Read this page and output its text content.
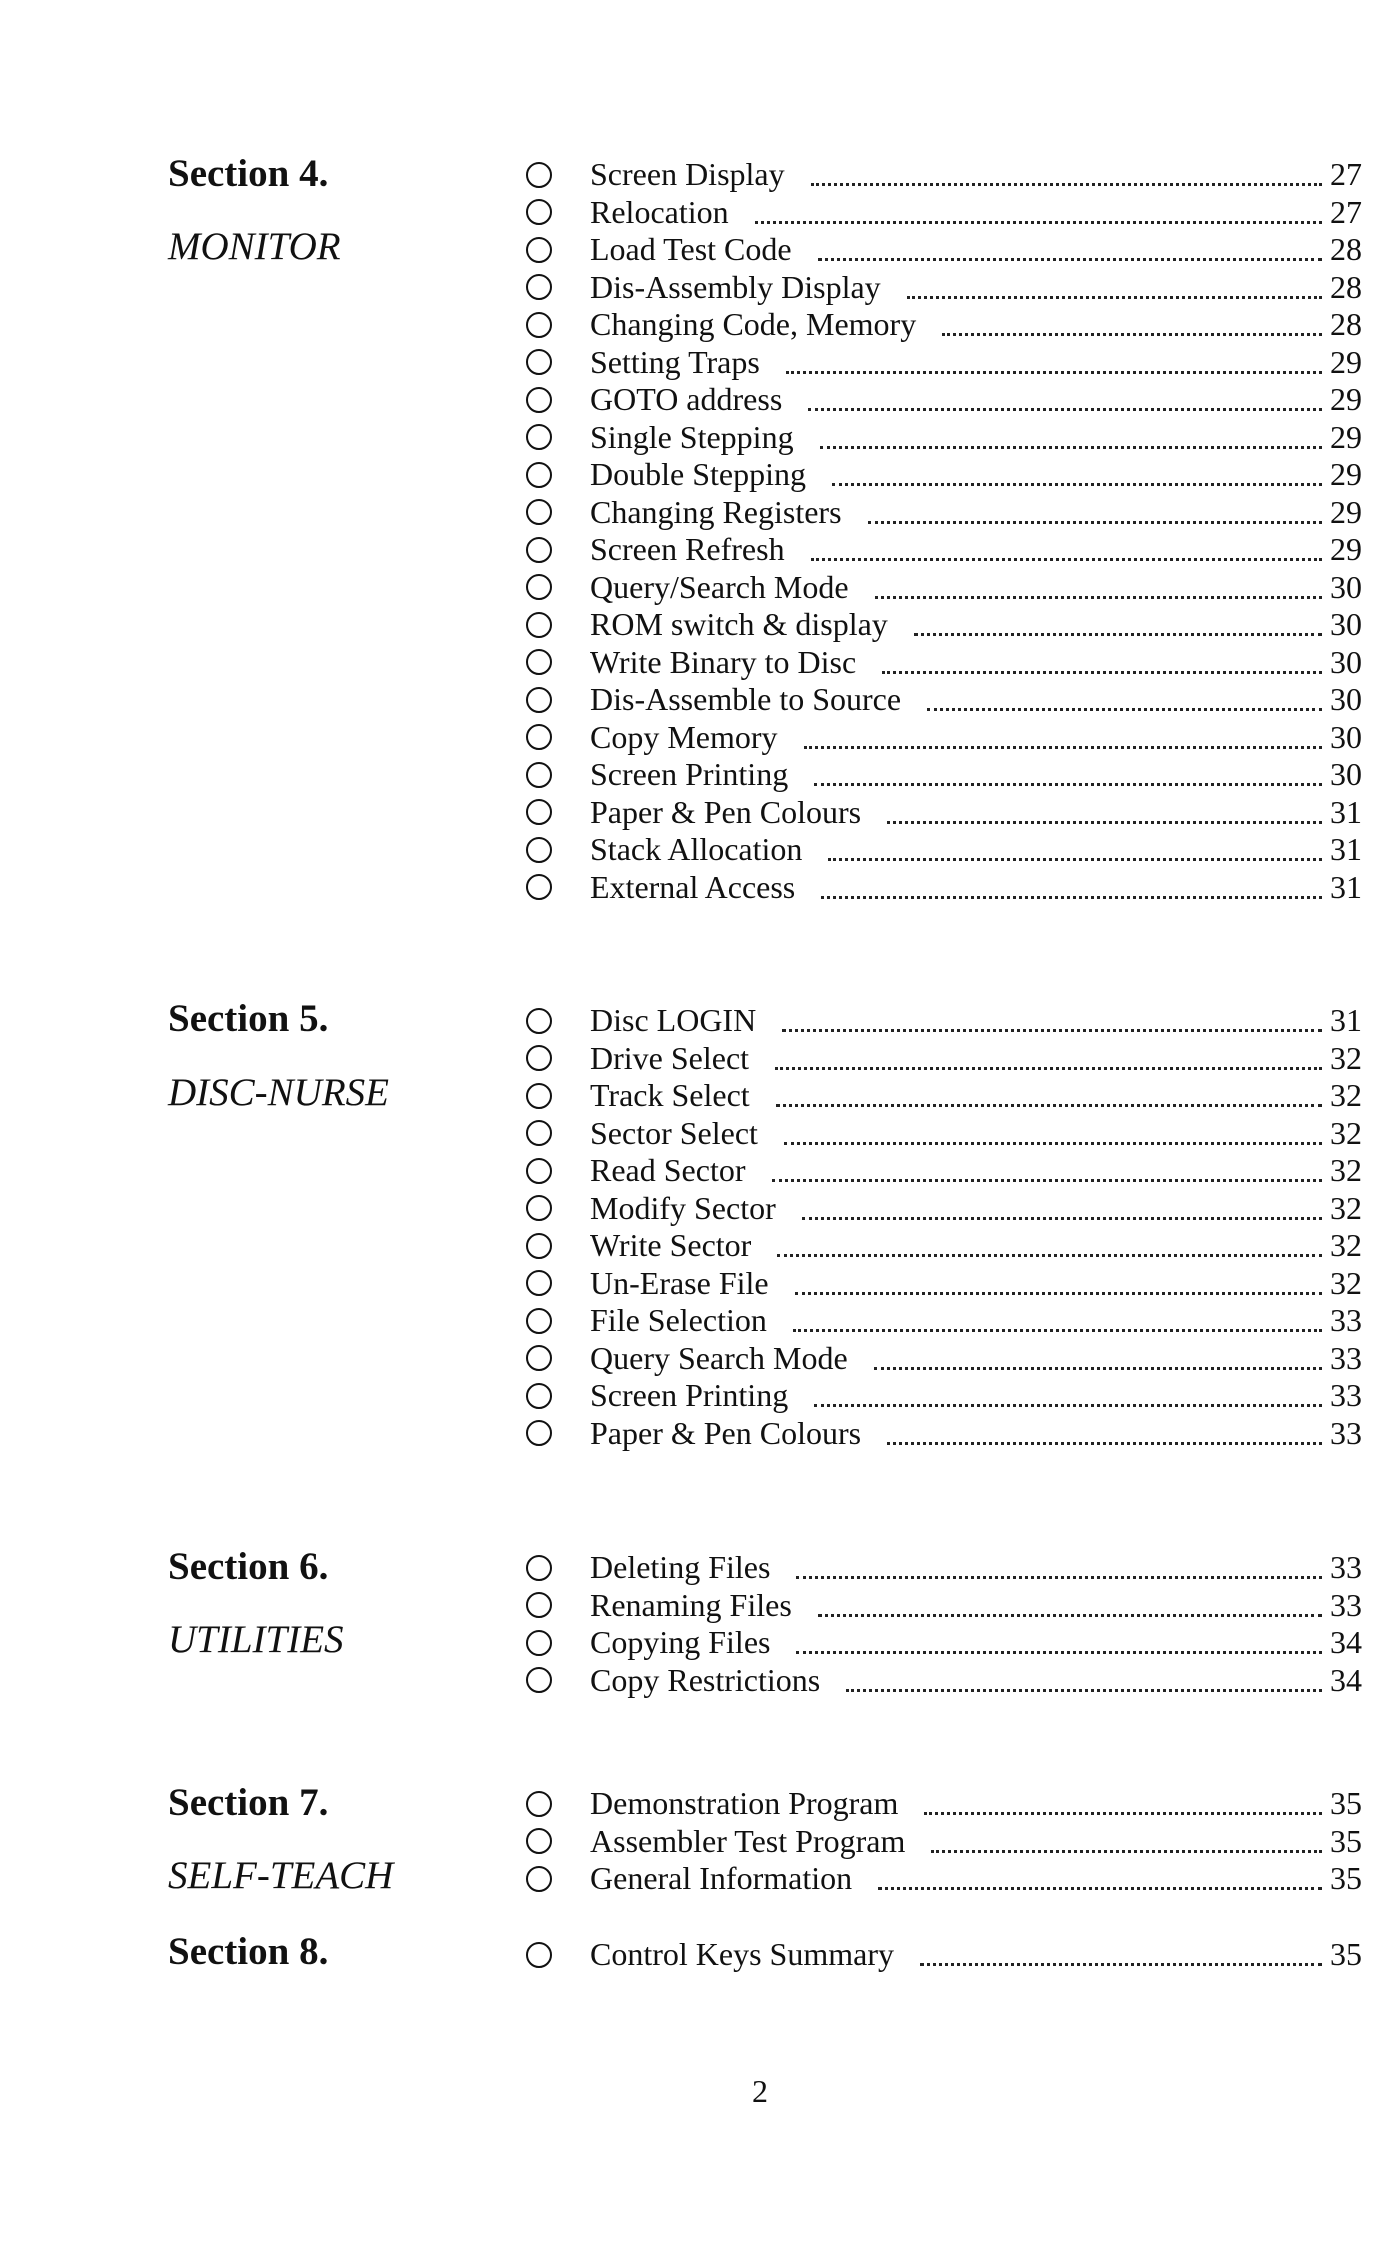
Section 4.
MONITOR
Screen Display	27
Relocation	27
Load Test Code	28
Dis-Assembly Display	28
Changing Code, Memory	28
Setting Traps	29
GOTO address	29
Single Stepping	29
Double Stepping	29
Changing Registers	29
Screen Refresh	29
Query/Search Mode	30
ROM switch & display	30
Write Binary to Disc	30
Dis-Assemble to Source	30
Copy Memory	30
Screen Printing	30
Paper & Pen Colours	31
Stack Allocation	31
External Access	31
Section 5.
DISC-NURSE
Disc LOGIN	31
Drive Select	32
Track Select	32
Sector Select	32
Read Sector	32
Modify Sector	32
Write Sector	32
Un-Erase File	32
File Selection	33
Query Search Mode	33
Screen Printing	33
Paper & Pen Colours	33
Section 6.
UTILITIES
Deleting Files	33
Renaming Files	33
Copying Files	34
Copy Restrictions	34
Section 7.
SELF-TEACH
Demonstration Program	35
Assembler Test Program	35
General Information	35
Section 8.	Control Keys Summary	35
2
